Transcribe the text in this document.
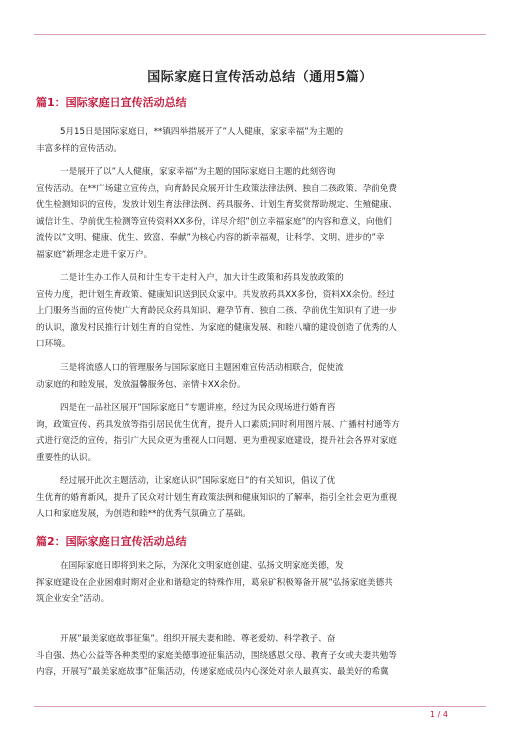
国际家庭日宣传活动总结（通用5篇）
篇1：国际家庭日宣传活动总结
5月15日是国际家庭日，**镇四举措展开了”人人健康，家家幸福”为主题的
丰富多样的宣传活动。
一是展开了以”人人健康，家家幸福”为主题的国际家庭日主题的此刻咨询
宣传活动。在**广场建立宣传点，向育龄民众展开计生政策法律法例、独自二孩政策、孕前免费
优生检测知识的宣传，发放计划生育法律法例、药具服务、计划生育奖赏帮助规定、生殖健康、
诚信计生、孕前优生检测等宣传资料XX多份，详尽介绍”创立幸福家庭”的内容和意义，向他们
流传以”文明、健康、优生、致富、奉献”为核心内容的新幸福观，让科学、文明、进步的”幸
福家庭”新理念走进千家万户。
二是计生办工作人员和计生专干走村入户，加大计生政策和药具发放政策的
宣传力度，把计划生育政策、健康知识送到民众家中。共发放药具XX多份，资料XX余份。经过
上门服务当面的宣传使广大育龄民众药具知识、避孕节育、独自二孩、孕前优生知识有了进一步
的认识，激发村民推行计划生育的自觉性、为家庭的健康发展、和睦八墉的建设创造了优秀的人
口环境。
三是将流感人口的管理服务与国际家庭日主题困难宣传活动相联合，促使流
动家庭的和睦发展，发放温馨服务包、亲情卡XX余份。
四是在一品社区展开”国际家庭日”专题讲座，经过为民众现场进行婚育咨
询，政策宣传、药具发放等指引居民优生优育，提升人口素质;同时利用图片展、广播村村通等方
式进行宽泛的宣传，指引广大民众更为重视人口问题、更为重视家庭建设，提升社会各界对家庭
重要性的认识。
经过展开此次主题活动，让家庭认识”国际家庭日”的有关知识，倡议了优
生优育的婚育新风，提升了民众对计划生育政策法例和健康知识的了解率，指引全社会更为重视
人口和家庭发展，为创造和睦**的优秀气氛确立了基础。
篇2：国际家庭日宣传活动总结
在国际家庭日即将到来之际，为深化文明家庭创建、弘扬文明家庭美德，发
挥家庭建设在企业困难时期对企业和谐稳定的特殊作用，葛泉矿积极筹备开展”弘扬家庭美德共
筑企业安全”活动。
开展”最美家庭故事征集”。组织开展夫妻和睦、尊老爱幼、科学教子、奋
斗自强、热心公益等各种类型的家庭美德事迹征集活动，围绕感恩父母、教育子女或夫妻共勉等
内容，开展写”最美家庭故事”征集活动，传递家庭成员内心深处对亲人最真实、最美好的希冀
1 / 4
